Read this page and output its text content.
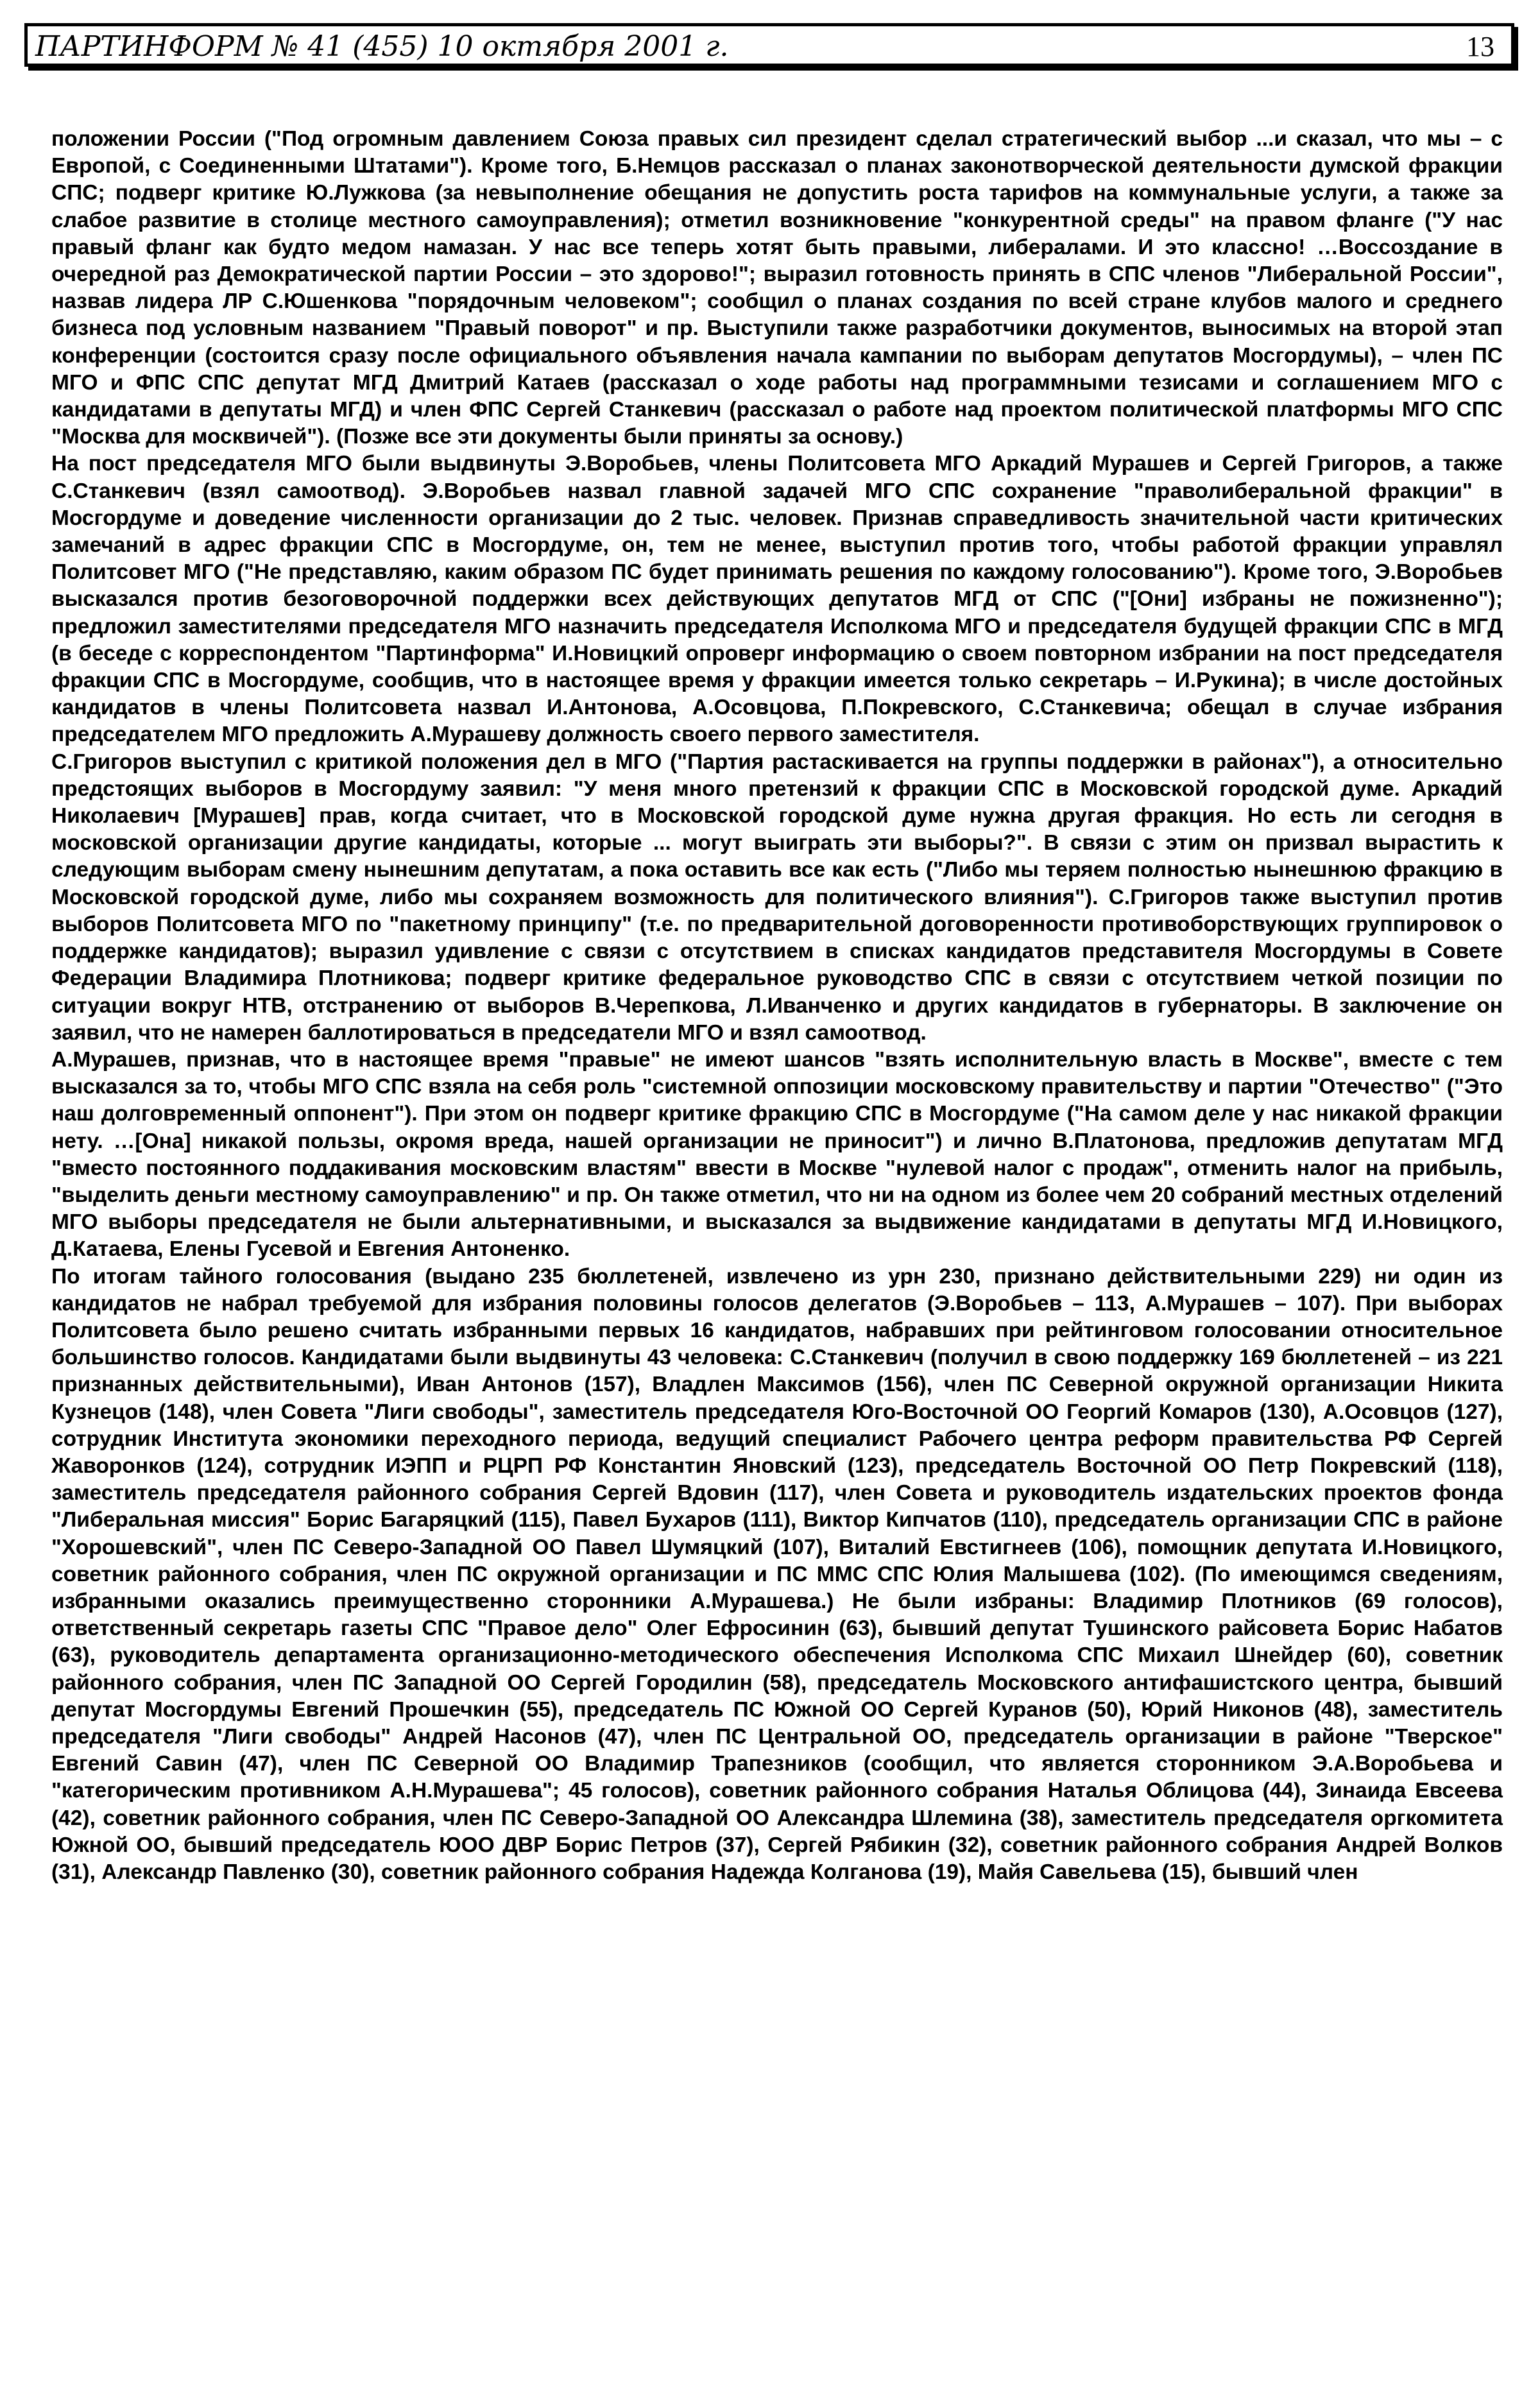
ПАРТИНФОРМ № 41 (455) 10 октября 2001 г.	13

положении России ("Под огромным давлением Союза правых сил президент сделал стратегический выбор ...и сказал, что мы – с Европой, с Соединенными Штатами"). Кроме того, Б.Немцов рассказал о планах законотворческой деятельности думской фракции СПС; подверг критике Ю.Лужкова (за невыполнение обещания не допустить роста тарифов на коммунальные услуги, а также за слабое развитие в столице местного самоуправления); отметил возникновение "конкурентной среды" на правом фланге ("У нас правый фланг как будто медом намазан. У нас все теперь хотят быть правыми, либералами. И это классно! …Воссоздание в очередной раз Демократической партии России – это здорово!"; выразил готовность принять в СПС членов "Либеральной России", назвав лидера ЛР С.Юшенкова "порядочным человеком"; сообщил о планах создания по всей стране клубов малого и среднего бизнеса под условным названием "Правый поворот" и пр. Выступили также разработчики документов, выносимых на второй этап конференции (состоится сразу после официального объявления начала кампании по выборам депутатов Мосгордумы), – член ПС МГО и ФПС СПС депутат МГД Дмитрий Катаев (рассказал о ходе работы над программными тезисами и соглашением МГО с кандидатами в депутаты МГД) и член ФПС Сергей Станкевич (рассказал о работе над проектом политической платформы МГО СПС "Москва для москвичей"). (Позже все эти документы были приняты за основу.)

На пост председателя МГО были выдвинуты Э.Воробьев, члены Политсовета МГО Аркадий Мурашев и Сергей Григоров, а также С.Станкевич (взял самоотвод). Э.Воробьев назвал главной задачей МГО СПС сохранение "праволиберальной фракции" в Мосгордуме и доведение численности организации до 2 тыс. человек. Признав справедливость значительной части критических замечаний в адрес фракции СПС в Мосгордуме, он, тем не менее, выступил против того, чтобы работой фракции управлял Политсовет МГО ("Не представляю, каким образом ПС будет принимать решения по каждому голосованию"). Кроме того, Э.Воробьев высказался против безоговорочной поддержки всех действующих депутатов МГД от СПС ("[Они] избраны не пожизненно"); предложил заместителями председателя МГО назначить председателя Исполкома МГО и председателя будущей фракции СПС в МГД (в беседе с корреспондентом "Партинформа" И.Новицкий опроверг информацию о своем повторном избрании на пост председателя фракции СПС в Мосгордуме, сообщив, что в настоящее время у фракции имеется только секретарь – И.Рукина); в числе достойных кандидатов в члены Политсовета назвал И.Антонова, А.Осовцова, П.Покревского, С.Станкевича; обещал в случае избрания председателем МГО предложить А.Мурашеву должность своего первого заместителя.

С.Григоров выступил с критикой положения дел в МГО ("Партия растаскивается на группы поддержки в районах"), а относительно предстоящих выборов в Мосгордуму заявил: "У меня много претензий к фракции СПС в Московской городской думе. Аркадий Николаевич [Мурашев] прав, когда считает, что в Московской городской думе нужна другая фракция. Но есть ли сегодня в московской организации другие кандидаты, которые ... могут выиграть эти выборы?". В связи с этим он призвал вырастить к следующим выборам смену нынешним депутатам, а пока оставить все как есть ("Либо мы теряем полностью нынешнюю фракцию в Московской городской думе, либо мы сохраняем возможность для политического влияния"). С.Григоров также выступил против выборов Политсовета МГО по "пакетному принципу" (т.е. по предварительной договоренности противоборствующих группировок о поддержке кандидатов); выразил удивление с связи с отсутствием в списках кандидатов представителя Мосгордумы в Совете Федерации Владимира Плотникова; подверг критике федеральное руководство СПС в связи с отсутствием четкой позиции по ситуации вокруг НТВ, отстранению от выборов В.Черепкова, Л.Иванченко и других кандидатов в губернаторы. В заключение он заявил, что не намерен баллотироваться в председатели МГО и взял самоотвод.

А.Мурашев, признав, что в настоящее время "правые" не имеют шансов "взять исполнительную власть в Москве", вместе с тем высказался за то, чтобы МГО СПС взяла на себя роль "системной оппозиции московскому правительству и партии "Отечество" ("Это наш долговременный оппонент"). При этом он подверг критике фракцию СПС в Мосгордуме ("На самом деле у нас никакой фракции нету. …[Она] никакой пользы, окромя вреда, нашей организации не приносит") и лично В.Платонова, предложив депутатам МГД "вместо постоянного поддакивания московским властям" ввести в Москве "нулевой налог с продаж", отменить налог на прибыль, "выделить деньги местному самоуправлению" и пр. Он также отметил, что ни на одном из более чем 20 собраний местных отделений МГО выборы председателя не были альтернативными, и высказался за выдвижение кандидатами в депутаты МГД И.Новицкого, Д.Катаева, Елены Гусевой и Евгения Антоненко.

По итогам тайного голосования (выдано 235 бюллетеней, извлечено из урн 230, признано действительными 229) ни один из кандидатов не набрал требуемой для избрания половины голосов делегатов (Э.Воробьев – 113, А.Мурашев – 107). При выборах Политсовета было решено считать избранными первых 16 кандидатов, набравших при рейтинговом голосовании относительное большинство голосов. Кандидатами были выдвинуты 43 человека: С.Станкевич (получил в свою поддержку 169 бюллетеней – из 221 признанных действительными), Иван Антонов (157), Владлен Максимов (156), член ПС Северной окружной организации Никита Кузнецов (148), член Совета "Лиги свободы", заместитель председателя Юго-Восточной ОО Георгий Комаров (130), А.Осовцов (127), сотрудник Института экономики переходного периода, ведущий специалист Рабочего центра реформ правительства РФ Сергей Жаворонков (124), сотрудник ИЭПП и РЦРП РФ Константин Яновский (123), председатель Восточной ОО Петр Покревский (118), заместитель председателя районного собрания Сергей Вдовин (117), член Совета и руководитель издательских проектов фонда "Либеральная миссия" Борис Багаряцкий (115), Павел Бухаров (111), Виктор Кипчатов (110), председатель организации СПС в районе "Хорошевский", член ПС Северо-Западной ОО Павел Шумяцкий (107), Виталий Евстигнеев (106), помощник депутата И.Новицкого, советник районного собрания, член ПС окружной организации и ПС ММС СПС Юлия Малышева (102). (По имеющимся сведениям, избранными оказались преимущественно сторонники А.Мурашева.) Не были избраны: Владимир Плотников (69 голосов), ответственный секретарь газеты СПС "Правое дело" Олег Ефросинин (63), бывший депутат Тушинского райсовета Борис Набатов (63), руководитель департамента организационно-методического обеспечения Исполкома СПС Михаил Шнейдер (60), советник районного собрания, член ПС Западной ОО Сергей Городилин (58), председатель Московского антифашистского центра, бывший депутат Мосгордумы Евгений Прошечкин (55), председатель ПС Южной ОО Сергей Куранов (50), Юрий Никонов (48), заместитель председателя "Лиги свободы" Андрей Насонов (47), член ПС Центральной ОО, председатель организации в районе "Тверское" Евгений Савин (47), член ПС Северной ОО Владимир Трапезников (сообщил, что является сторонником Э.А.Воробьева и "категорическим противником А.Н.Мурашева"; 45 голосов), советник районного собрания Наталья Облицова (44), Зинаида Евсеева (42), советник районного собрания, член ПС Северо-Западной ОО Александра Шлемина (38), заместитель председателя оргкомитета Южной ОО, бывший председатель ЮОО ДВР Борис Петров (37), Сергей Рябикин (32), советник районного собрания Андрей Волков (31), Александр Павленко (30), советник районного собрания Надежда Колганова (19), Майя Савельева (15), бывший член
